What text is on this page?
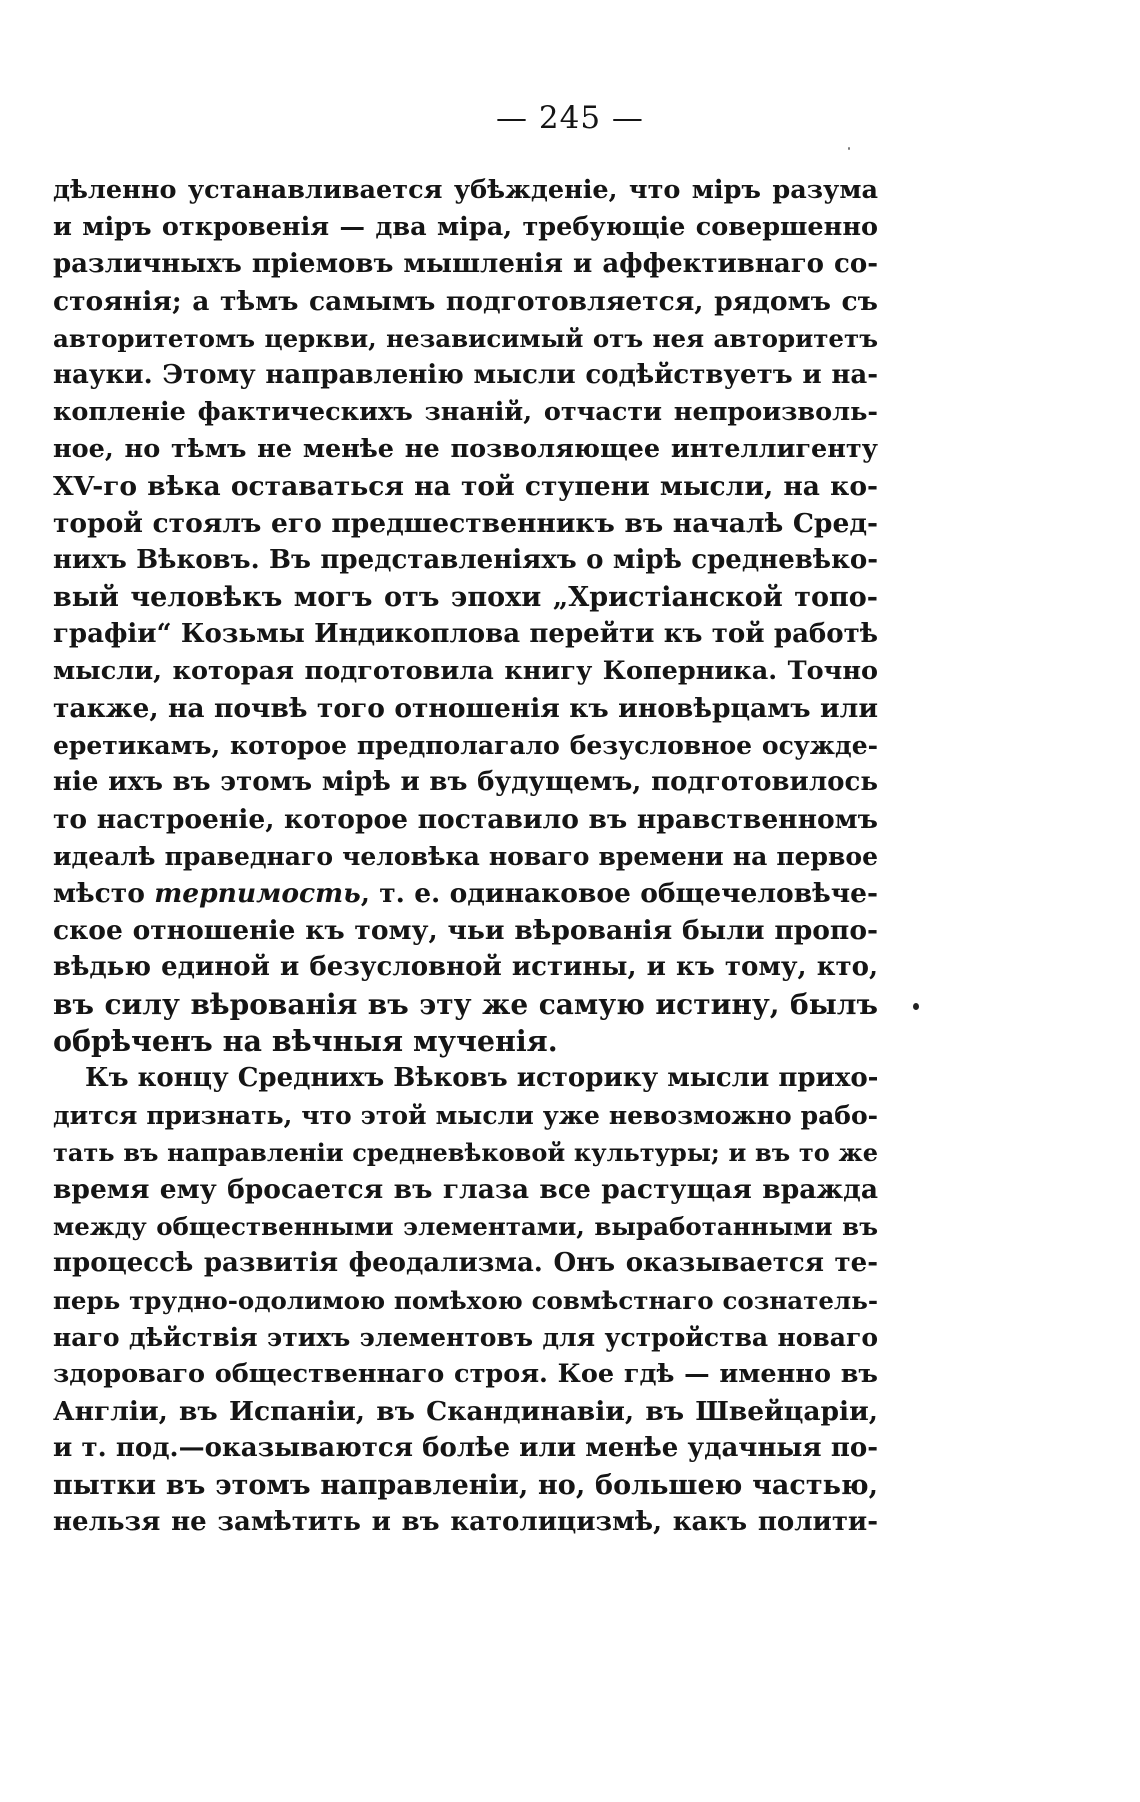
— 245 —
дѣленно устанавливается убѣжденіе, что міръ разума
и міръ откровенія — два міра, требующіе совершенно
различныхъ пріемовъ мышленія и аффективнаго со-
стоянія; а тѣмъ самымъ подготовляется, рядомъ съ
авторитетомъ церкви, независимый отъ нея авторитетъ
науки. Этому направленію мысли содѣйствуетъ и на-
копленіе фактическихъ знаній, отчасти непроизволь-
ное, но тѣмъ не менѣе не позволяющее интеллигенту
XV-го вѣка оставаться на той ступени мысли, на ко-
торой стоялъ его предшественникъ въ началѣ Сред-
нихъ Вѣковъ. Въ представленіяхъ о мірѣ средневѣко-
вый человѣкъ могъ отъ эпохи „Христіанской топо-
графіи“ Козьмы Индикоплова перейти къ той работѣ
мысли, которая подготовила книгу Коперника. Точно
также, на почвѣ того отношенія къ иновѣрцамъ или
еретикамъ, которое предполагало безусловное осужде-
ніе ихъ въ этомъ мірѣ и въ будущемъ, подготовилось
то настроеніе, которое поставило въ нравственномъ
идеалѣ праведнаго человѣка новаго времени на первое
мѣсто терпимость, т. е. одинаковое общечеловѣче-
ское отношеніе къ тому, чьи вѣрованія были пропо-
вѣдью единой и безусловной истины, и къ тому, кто,
въ силу вѣрованія въ эту же самую истину, былъ
обрѣченъ на вѣчныя мученія.
Къ концу Среднихъ Вѣковъ историку мысли прихо-
дится признать, что этой мысли уже невозможно рабо-
тать въ направленіи средневѣковой культуры; и въ то же
время ему бросается въ глаза все растущая вражда
между общественными элементами, выработанными въ
процессѣ развитія феодализма. Онъ оказывается те-
перь трудно-одолимою помѣхою совмѣстнаго сознатель-
наго дѣйствія этихъ элементовъ для устройства новаго
здороваго общественнаго строя. Кое гдѣ — именно въ
Англіи, въ Испаніи, въ Скандинавіи, въ Швейцаріи,
и т. под.—оказываются болѣе или менѣе удачныя по-
пытки въ этомъ направленіи, но, большею частью,
нельзя не замѣтить и въ католицизмѣ, какъ полити-
